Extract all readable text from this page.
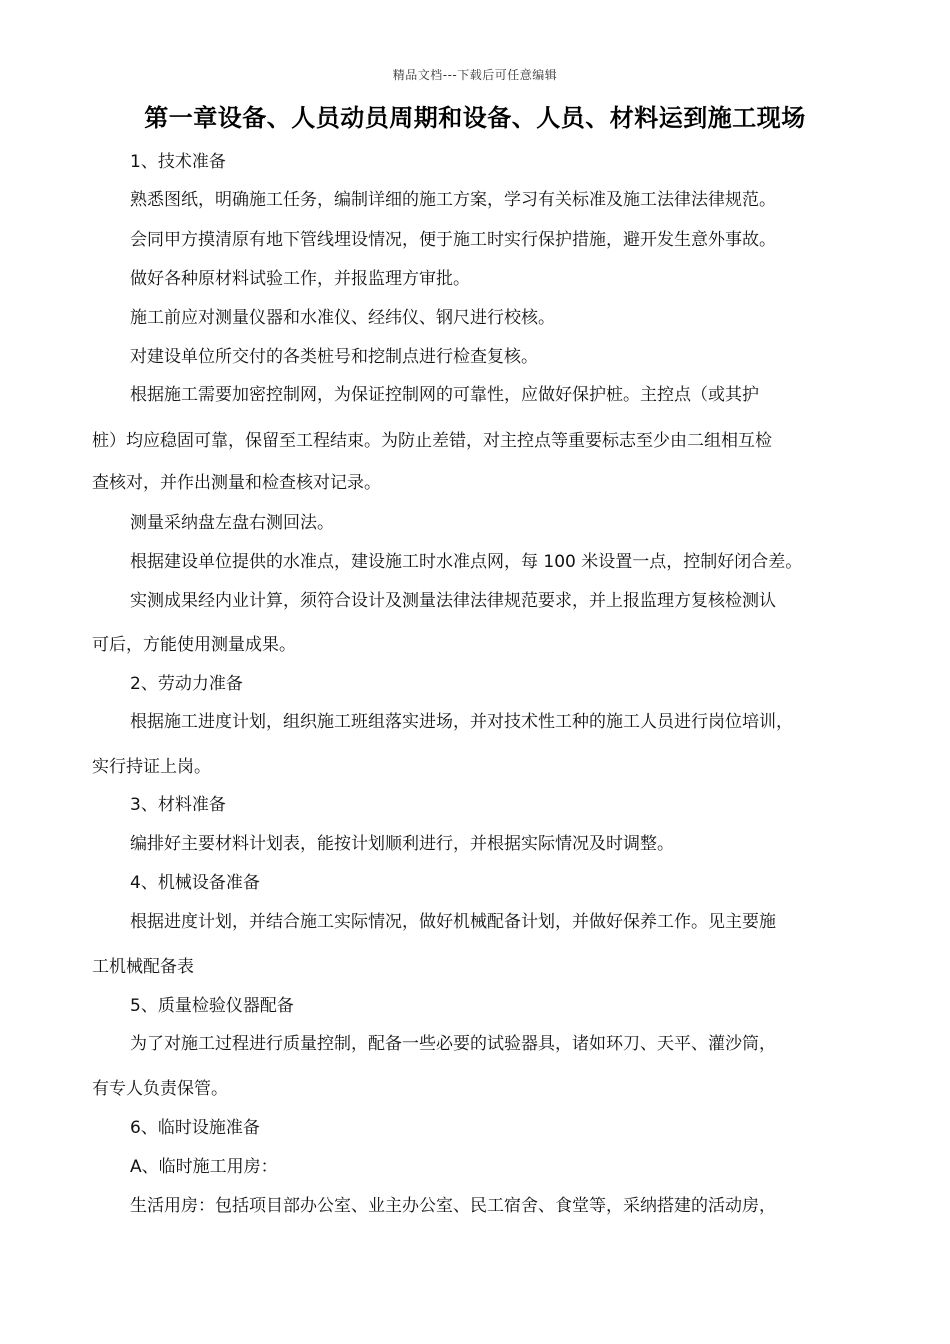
精品文档---下载后可任意编辑
第一章设备、人员动员周期和设备、人员、材料运到施工现场
1、技术准备
熟悉图纸，明确施工任务，编制详细的施工方案，学习有关标准及施工法律法律规范。
会同甲方摸清原有地下管线埋设情况，便于施工时实行保护措施，避开发生意外事故。
做好各种原材料试验工作，并报监理方审批。
施工前应对测量仪器和水准仪、经纬仪、钢尺进行校核。
对建设单位所交付的各类桩号和挖制点进行检查复核。
根据施工需要加密控制网，为保证控制网的可靠性，应做好保护桩。主控点（或其护
桩）均应稳固可靠，保留至工程结束。为防止差错，对主控点等重要标志至少由二组相互检
查核对，并作出测量和检查核对记录。
测量采纳盘左盘右测回法。
根据建设单位提供的水准点，建设施工时水准点网，每 100 米设置一点，控制好闭合差。
实测成果经内业计算，须符合设计及测量法律法律规范要求，并上报监理方复核检测认
可后，方能使用测量成果。
2、劳动力准备
根据施工进度计划，组织施工班组落实进场，并对技术性工种的施工人员进行岗位培训，
实行持证上岗。
3、材料准备
编排好主要材料计划表，能按计划顺利进行，并根据实际情况及时调整。
4、机械设备准备
根据进度计划，并结合施工实际情况，做好机械配备计划，并做好保养工作。见主要施
工机械配备表
5、质量检验仪器配备
为了对施工过程进行质量控制，配备一些必要的试验器具，诸如环刀、天平、灌沙筒，
有专人负责保管。
6、临时设施准备
A、临时施工用房：
生活用房：包括项目部办公室、业主办公室、民工宿舍、食堂等，采纳搭建的活动房，
